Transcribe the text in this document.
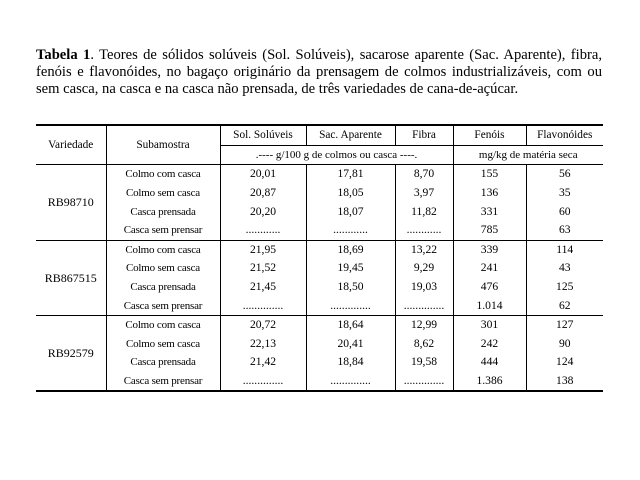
Tabela 1. Teores de sólidos solúveis (Sol. Solúveis), sacarose aparente (Sac. Aparente), fibra, fenóis e flavonóides, no bagaço originário da prensagem de colmos industrializáveis, com ou sem casca, na casca e na casca não prensada, de três variedades de cana-de-açúcar.
Variedade	Subamostra	Sol. Solúveis	Sac. Aparente	Fibra	Fenóis	Flavonóides
		.---- g/100 g de colmos ou casca ----.			mg/kg de matéria seca	
RB98710	Colmo com casca	20,01	17,81	8,70	155	56
	Colmo sem casca	20,87	18,05	3,97	136	35
	Casca prensada	20,20	18,07	11,82	331	60
	Casca sem prensar	............	............	............	785	63
RB867515	Colmo com casca	21,95	18,69	13,22	339	114
	Colmo sem casca	21,52	19,45	9,29	241	43
	Casca prensada	21,45	18,50	19,03	476	125
	Casca sem prensar	..............	..............	..............	1.014	62
RB92579	Colmo com casca	20,72	18,64	12,99	301	127
	Colmo sem casca	22,13	20,41	8,62	242	90
	Casca prensada	21,42	18,84	19,58	444	124
	Casca sem prensar	..............	..............	..............	1.386	138
